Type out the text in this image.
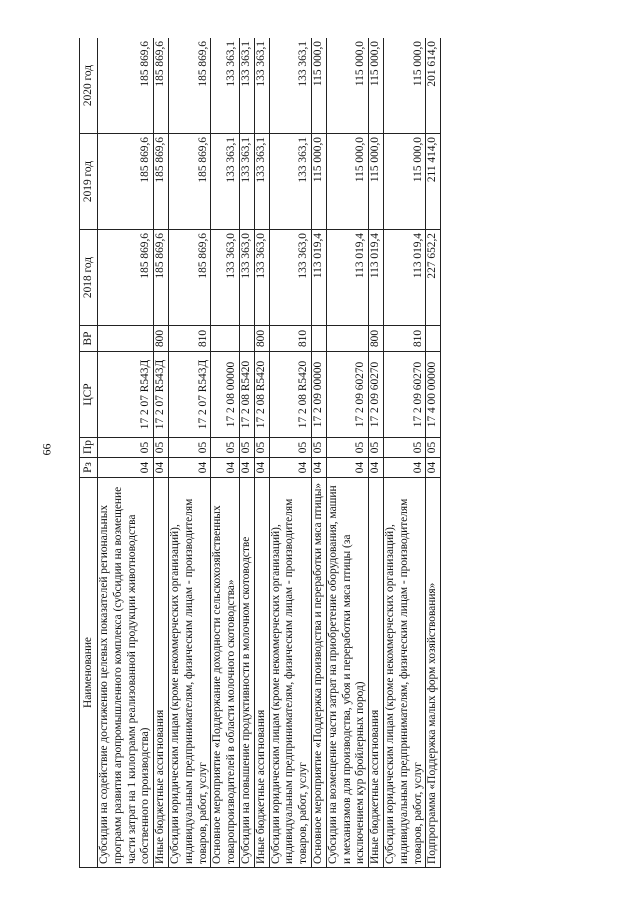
66
Наименование	Рз	Пр	ЦСР	ВР	2018 год	2019 год	2020 год
Субсидии на содействие достижению целевых показателей региональных программ развития агропромышленного комплекса (субсидии на возмещение части затрат на 1 килограмм реализованной продукции животноводства собственного производства)	04	05	17 2 07 R543Д		185 869,6	185 869,6	185 869,6
Иные бюджетные ассигнования	04	05	17 2 07 R543Д	800	185 869,6	185 869,6	185 869,6
Субсидии юридическим лицам (кроме некоммерческих организаций), индивидуальным предпринимателям, физическим лицам - производителям товаров, работ, услуг	04	05	17 2 07 R543Д	810	185 869,6	185 869,6	185 869,6
Основное мероприятие «Поддержание доходности сельскохозяйственных товаропроизводителей в области молочного скотоводства»	04	05	17 2 08 00000		133 363,0	133 363,1	133 363,1
Субсидии на повышение продуктивности в молочном скотоводстве	04	05	17 2 08 R5420		133 363,0	133 363,1	133 363,1
Иные бюджетные ассигнования	04	05	17 2 08 R5420	800	133 363,0	133 363,1	133 363,1
Субсидии юридическим лицам (кроме некоммерческих организаций), индивидуальным предпринимателям, физическим лицам - производителям товаров, работ, услуг	04	05	17 2 08 R5420	810	133 363,0	133 363,1	133 363,1
Основное мероприятие «Поддержка производства и переработки мяса птицы»	04	05	17 2 09 00000		113 019,4	115 000,0	115 000,0
Субсидии на возмещение части затрат на приобретение оборудования, машин и механизмов для производства, убоя и переработки мяса птицы (за исключением кур бройлерных пород)	04	05	17 2 09 60270		113 019,4	115 000,0	115 000,0
Иные бюджетные ассигнования	04	05	17 2 09 60270	800	113 019,4	115 000,0	115 000,0
Субсидии юридическим лицам (кроме некоммерческих организаций), индивидуальным предпринимателям, физическим лицам - производителям товаров, работ, услуг	04	05	17 2 09 60270	810	113 019,4	115 000,0	115 000,0
Подпрограмма «Поддержка малых форм хозяйствования»	04	05	17 4 00 00000		227 652,2	211 414,0	201 614,0
